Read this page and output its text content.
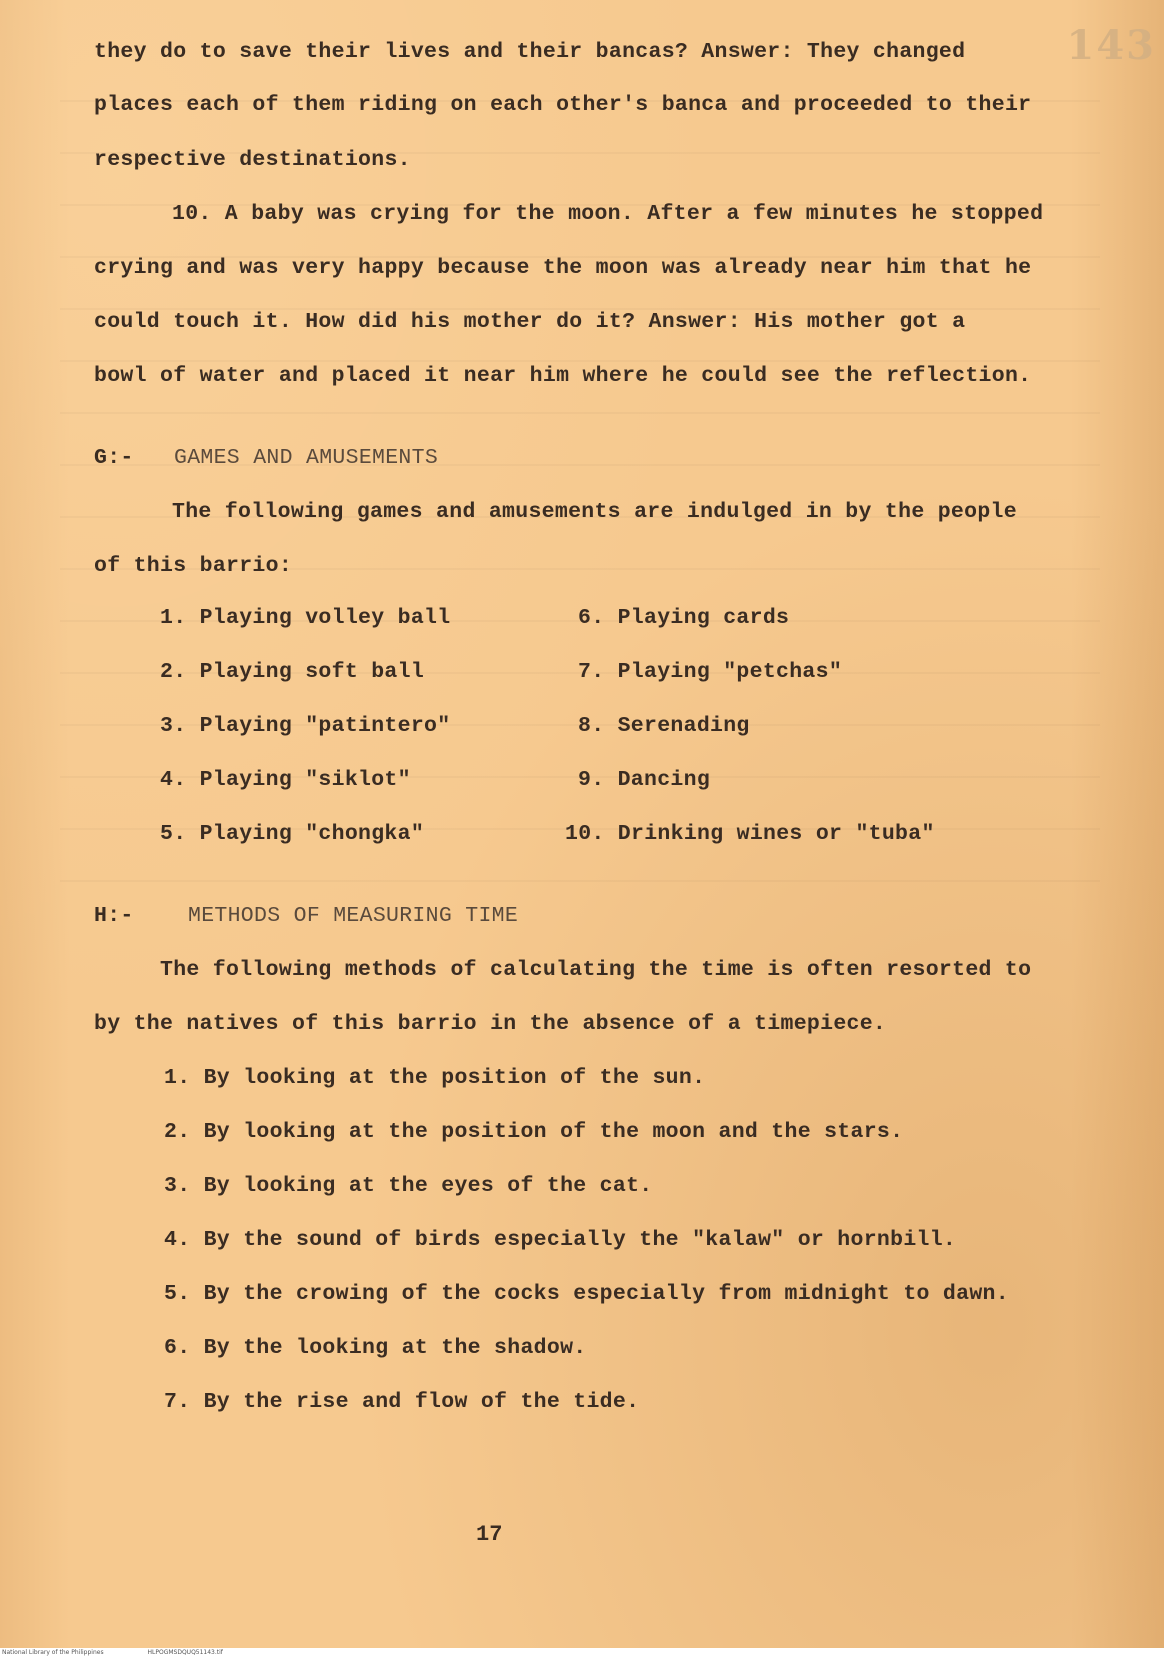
143
they do to save their lives and their bancas? Answer: They changed
places each of them riding on each other's banca and proceeded to their
respective destinations.
10. A baby was crying for the moon. After a few minutes he stopped
crying and was very happy because the moon was already near him that he
could touch it. How did his mother do it? Answer: His mother got a
bowl of water and placed it near him where he could see the reflection.
G:- GAMES AND AMUSEMENTS
The following games and amusements are indulged in by the people
of this barrio:
1. Playing volley ball
2. Playing soft ball
3. Playing "patintero"
4. Playing "siklot"
5. Playing "chongka"
6. Playing cards
7. Playing "petchas"
8. Serenading
9. Dancing
10. Drinking wines or "tuba"
H:-	METHODS OF MEASURING TIME
The following methods of calculating the time is often resorted to
by the natives of this barrio in the absence of a timepiece.
1. By looking at the position of the sun.
2. By looking at the position of the moon and the stars.
3. By looking at the eyes of the cat.
4. By the sound of birds especially the "kalaw" or hornbill.
5. By the crowing of the cocks especially from midnight to dawn.
6. By the looking at the shadow.
7. By the rise and flow of the tide.
17
National Library of the Philippines	HLPOGMSDQUQ51143.tif
